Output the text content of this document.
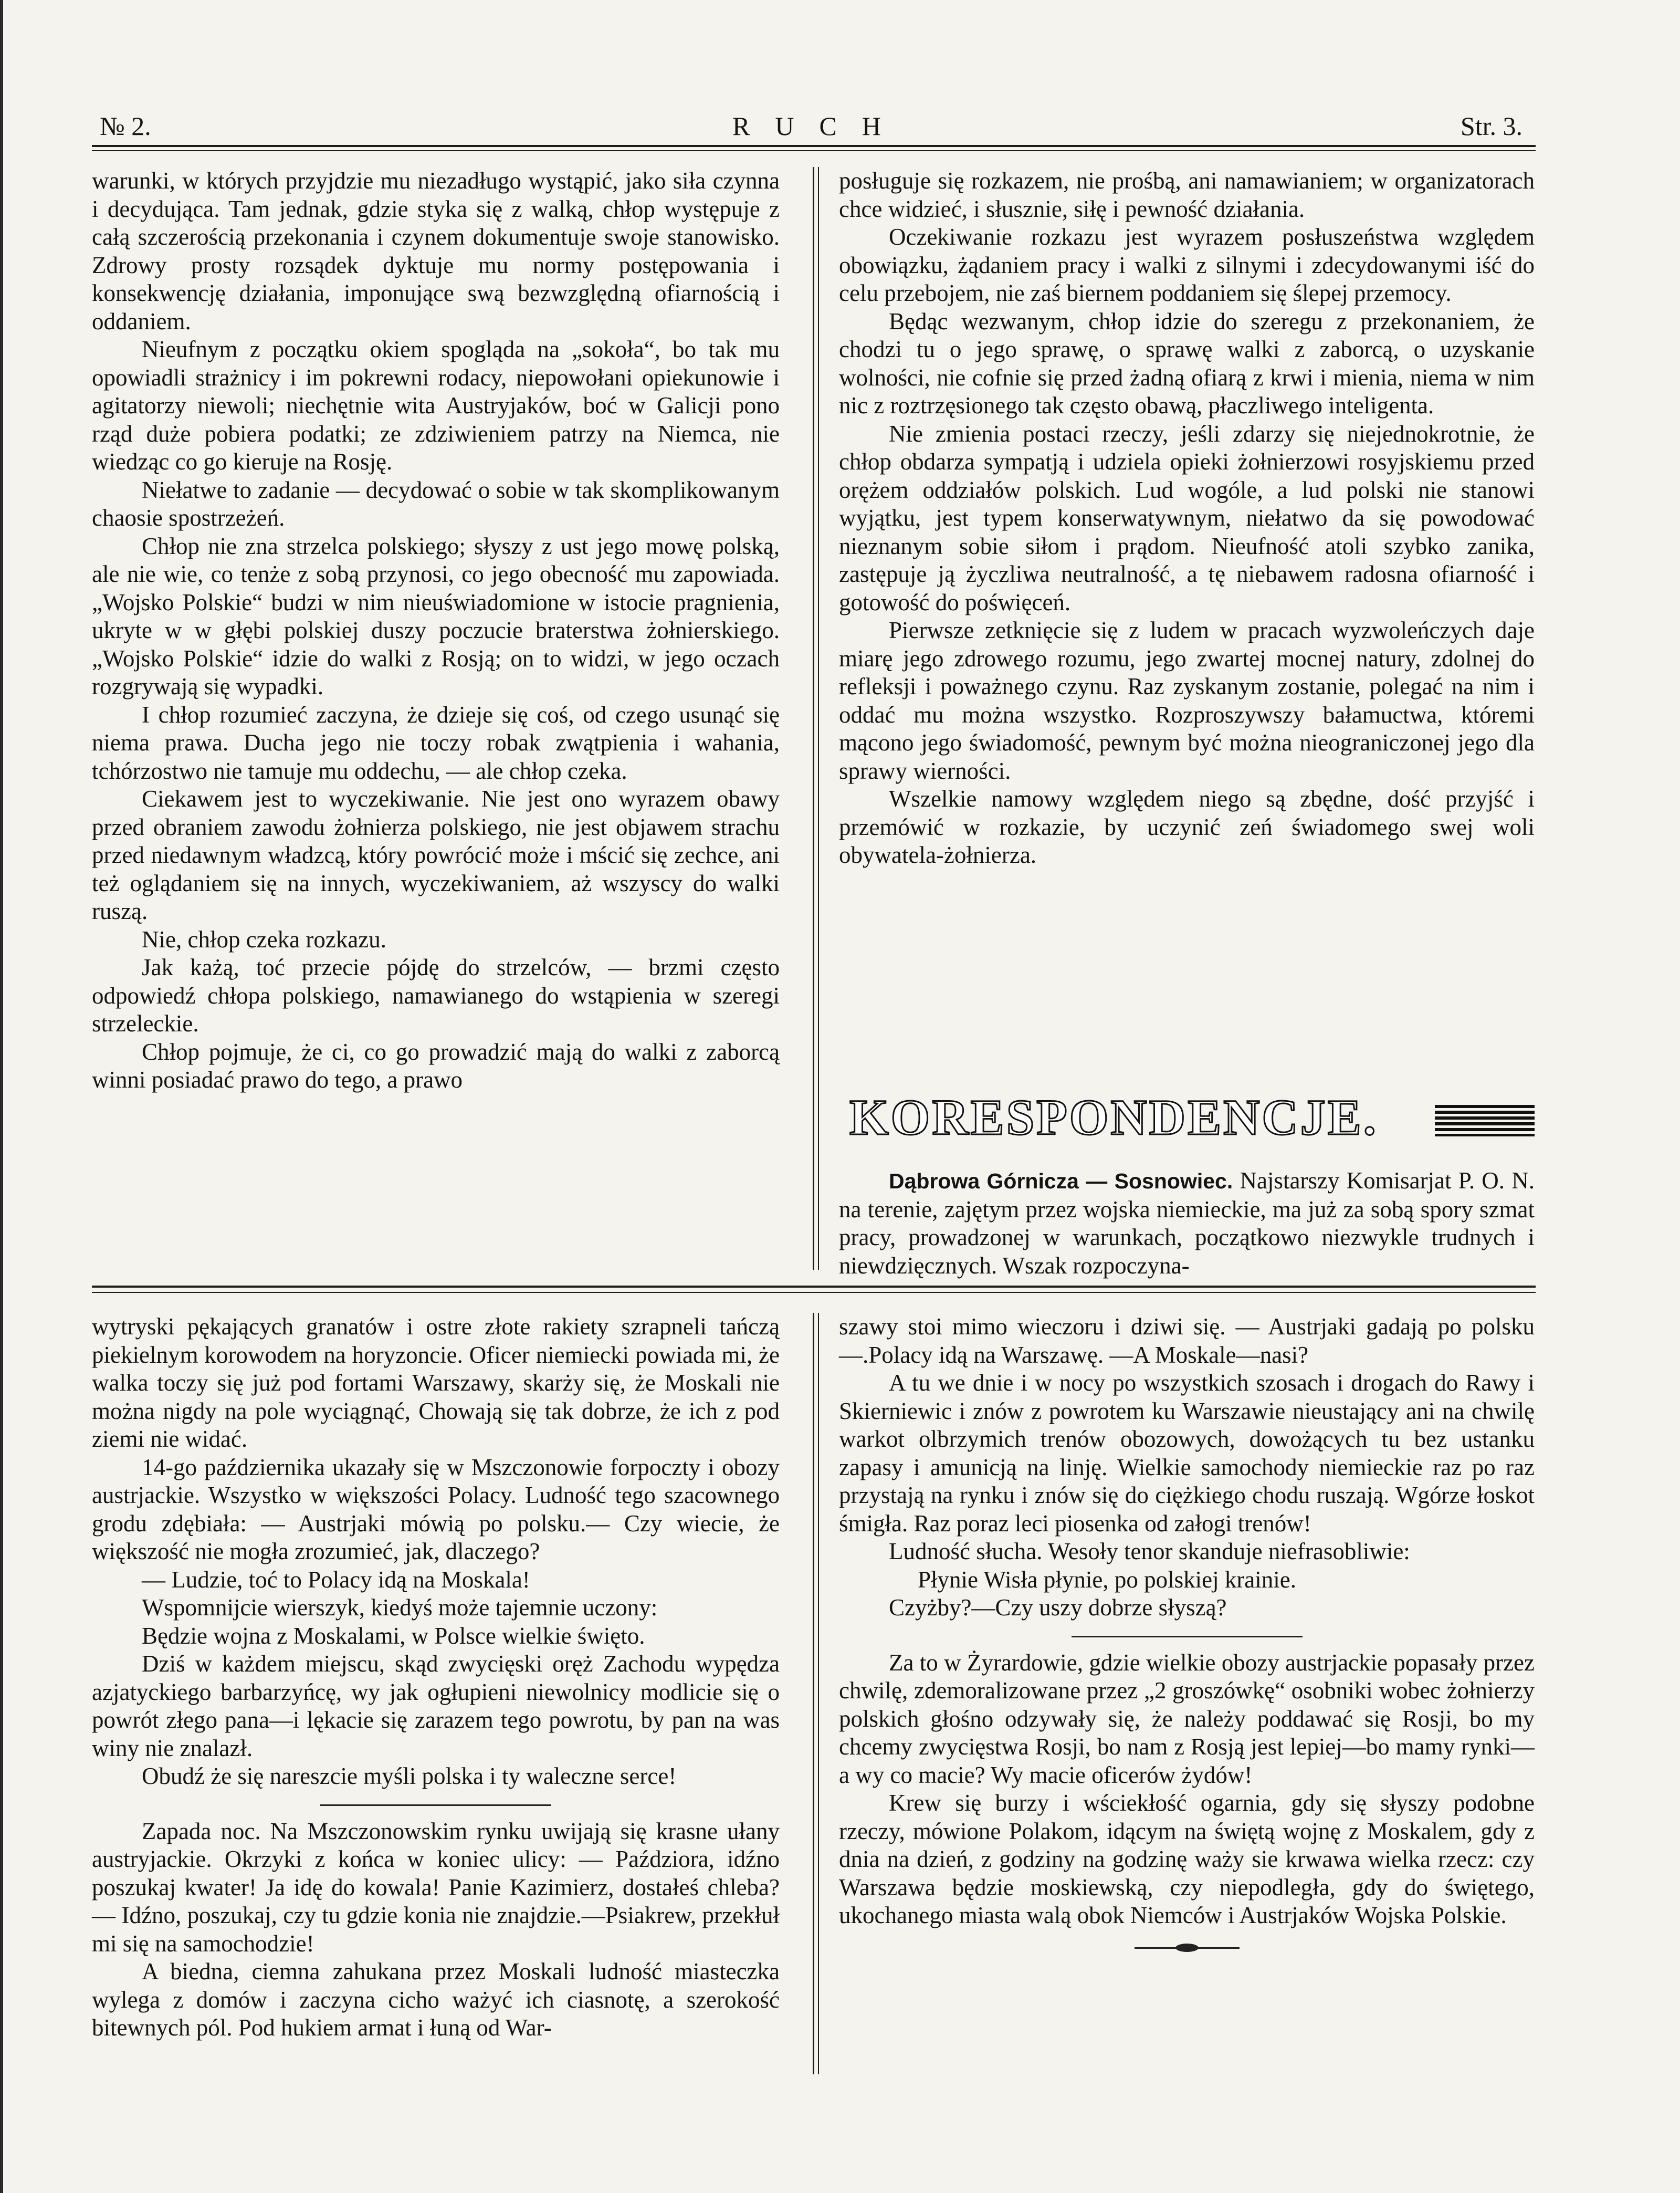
№ 2.	RUCH	Str. 3.

warunki, w których przyjdzie mu niezadługo wystąpić, jako siła czynna i decydująca. Tam jednak, gdzie styka się z walką, chłop występuje z całą szczerością przekonania i czynem dokumentuje swoje stanowisko. Zdrowy prosty rozsądek dyktuje mu normy postępowania i konsekwencję działania, imponujące swą bezwzględną ofiarnością i oddaniem.

Nieufnym z początku okiem spogląda na „sokoła“, bo tak mu opowiadli strażnicy i im pokrewni rodacy, niepowołani opiekunowie i agitatorzy niewoli; niechętnie wita Austryjaków, boć w Galicji pono rząd duże pobiera podatki; ze zdziwieniem patrzy na Niemca, nie wiedząc co go kieruje na Rosję.

Niełatwe to zadanie — decydować o sobie w tak skomplikowanym chaosie spostrzeżeń.

Chłop nie zna strzelca polskiego; słyszy z ust jego mowę polską, ale nie wie, co tenże z sobą przynosi, co jego obecność mu zapowiada. „Wojsko Polskie“ budzi w nim nieuświadomione w istocie pragnienia, ukryte w w głębi polskiej duszy poczucie braterstwa żołnierskiego. „Wojsko Polskie“ idzie do walki z Rosją; on to widzi, w jego oczach rozgrywają się wypadki.

I chłop rozumieć zaczyna, że dzieje się coś, od czego usunąć się niema prawa. Ducha jego nie toczy robak zwątpienia i wahania, tchórzostwo nie tamuje mu oddechu, — ale chłop czeka.

Ciekawem jest to wyczekiwanie. Nie jest ono wyrazem obawy przed obraniem zawodu żołnierza polskiego, nie jest objawem strachu przed niedawnym władzcą, który powrócić może i mścić się zechce, ani też oglądaniem się na innych, wyczekiwaniem, aż wszyscy do walki ruszą.

Nie, chłop czeka rozkazu.

Jak każą, toć przecie pójdę do strzelców, — brzmi często odpowiedź chłopa polskiego, namawianego do wstąpienia w szeregi strzeleckie.

Chłop pojmuje, że ci, co go prowadzić mają do walki z zaborcą winni posiadać prawo do tego, a prawo

posługuje się rozkazem, nie prośbą, ani namawianiem; w organizatorach chce widzieć, i słusznie, siłę i pewność działania.

Oczekiwanie rozkazu jest wyrazem posłuszeństwa względem obowiązku, żądaniem pracy i walki z silnymi i zdecydowanymi iść do celu przebojem, nie zaś biernem poddaniem się ślepej przemocy.

Będąc wezwanym, chłop idzie do szeregu z przekonaniem, że chodzi tu o jego sprawę, o sprawę walki z zaborcą, o uzyskanie wolności, nie cofnie się przed żadną ofiarą z krwi i mienia, niema w nim nic z roztrzęsionego tak często obawą, płaczliwego inteligenta.

Nie zmienia postaci rzeczy, jeśli zdarzy się niejednokrotnie, że chłop obdarza sympatją i udziela opieki żołnierzowi rosyjskiemu przed orężem oddziałów polskich. Lud wogóle, a lud polski nie stanowi wyjątku, jest typem konserwatywnym, niełatwo da się powodować nieznanym sobie siłom i prądom. Nieufność atoli szybko zanika, zastępuje ją życzliwa neutralność, a tę niebawem radosna ofiarność i gotowość do poświęceń.

Pierwsze zetknięcie się z ludem w pracach wyzwoleńczych daje miarę jego zdrowego rozumu, jego zwartej mocnej natury, zdolnej do refleksji i poważnego czynu. Raz zyskanym zostanie, polegać na nim i oddać mu można wszystko. Rozproszywszy bałamuctwa, któremi mącono jego świadomość, pewnym być można nieograniczonej jego dla sprawy wierności.

Wszelkie namowy względem niego są zbędne, dość przyjść i przemówić w rozkazie, by uczynić zeń świadomego swej woli obywatela-żołnierza.

KORESPONDENCJE.

Dąbrowa Górnicza — Sosnowiec. Najstarszy Komisarjat P. O. N. na terenie, zajętym przez wojska niemieckie, ma już za sobą spory szmat pracy, prowadzonej w warunkach, początkowo niezwykle trudnych i niewdzięcznych. Wszak rozpoczyna-

wytryski pękających granatów i ostre złote rakiety szrapneli tańczą piekielnym korowodem na horyzoncie. Oficer niemiecki powiada mi, że walka toczy się już pod fortami Warszawy, skarży się, że Moskali nie można nigdy na pole wyciągnąć, Chowają się tak dobrze, że ich z pod ziemi nie widać.

14-go października ukazały się w Mszczonowie forpoczty i obozy austrjackie. Wszystko w większości Polacy. Ludność tego szacownego grodu zdębiała: — Austrjaki mówią po polsku.— Czy wiecie, że większość nie mogła zrozumieć, jak, dlaczego?

— Ludzie, toć to Polacy idą na Moskala!

Wspomnijcie wierszyk, kiedyś może tajemnie uczony:

Będzie wojna z Moskalami, w Polsce wielkie święto.

Dziś w każdem miejscu, skąd zwycięski oręż Zachodu wypędza azjatyckiego barbarzyńcę, wy jak ogłupieni niewolnicy modlicie się o powrót złego pana—i lękacie się zarazem tego powrotu, by pan na was winy nie znalazł.

Obudź że się nareszcie myśli polska i ty waleczne serce!

Zapada noc. Na Mszczonowskim rynku uwijają się krasne ułany austryjackie. Okrzyki z końca w koniec ulicy: — Paździora, idźno poszukaj kwater! Ja idę do kowala! Panie Kazimierz, dostałeś chleba? — Idźno, poszukaj, czy tu gdzie konia nie znajdzie.—Psiakrew, przekłuł mi się na samochodzie!

A biedna, ciemna zahukana przez Moskali ludność miasteczka wylega z domów i zaczyna cicho ważyć ich ciasnotę, a szerokość bitewnych pól. Pod hukiem armat i łuną od War-

szawy stoi mimo wieczoru i dziwi się. — Austrjaki gadają po polsku—.Polacy idą na Warszawę. —A Moskale—nasi?

A tu we dnie i w nocy po wszystkich szosach i drogach do Rawy i Skierniewic i znów z powrotem ku Warszawie nieustający ani na chwilę warkot olbrzymich trenów obozowych, dowożących tu bez ustanku zapasy i amunicją na linję. Wielkie samochody niemieckie raz po raz przystają na rynku i znów się do ciężkiego chodu ruszają. Wgórze łoskot śmigła. Raz poraz leci piosenka od załogi trenów!

Ludność słucha. Wesoły tenor skanduje niefrasobliwie:

Płynie Wisła płynie, po polskiej krainie.

Czyżby?—Czy uszy dobrze słyszą?

Za to w Żyrardowie, gdzie wielkie obozy austrjackie popasały przez chwilę, zdemoralizowane przez „2 groszówkę“ osobniki wobec żołnierzy polskich głośno odzywały się, że należy poddawać się Rosji, bo my chcemy zwycięstwa Rosji, bo nam z Rosją jest lepiej—bo mamy rynki—a wy co macie? Wy macie oficerów żydów!

Krew się burzy i wściekłość ogarnia, gdy się słyszy podobne rzeczy, mówione Polakom, idącym na świętą wojnę z Moskalem, gdy z dnia na dzień, z godziny na godzinę waży sie krwawa wielka rzecz: czy Warszawa będzie moskiewską, czy niepodległa, gdy do świętego, ukochanego miasta walą obok Niemców i Austrjaków Wojska Polskie.
